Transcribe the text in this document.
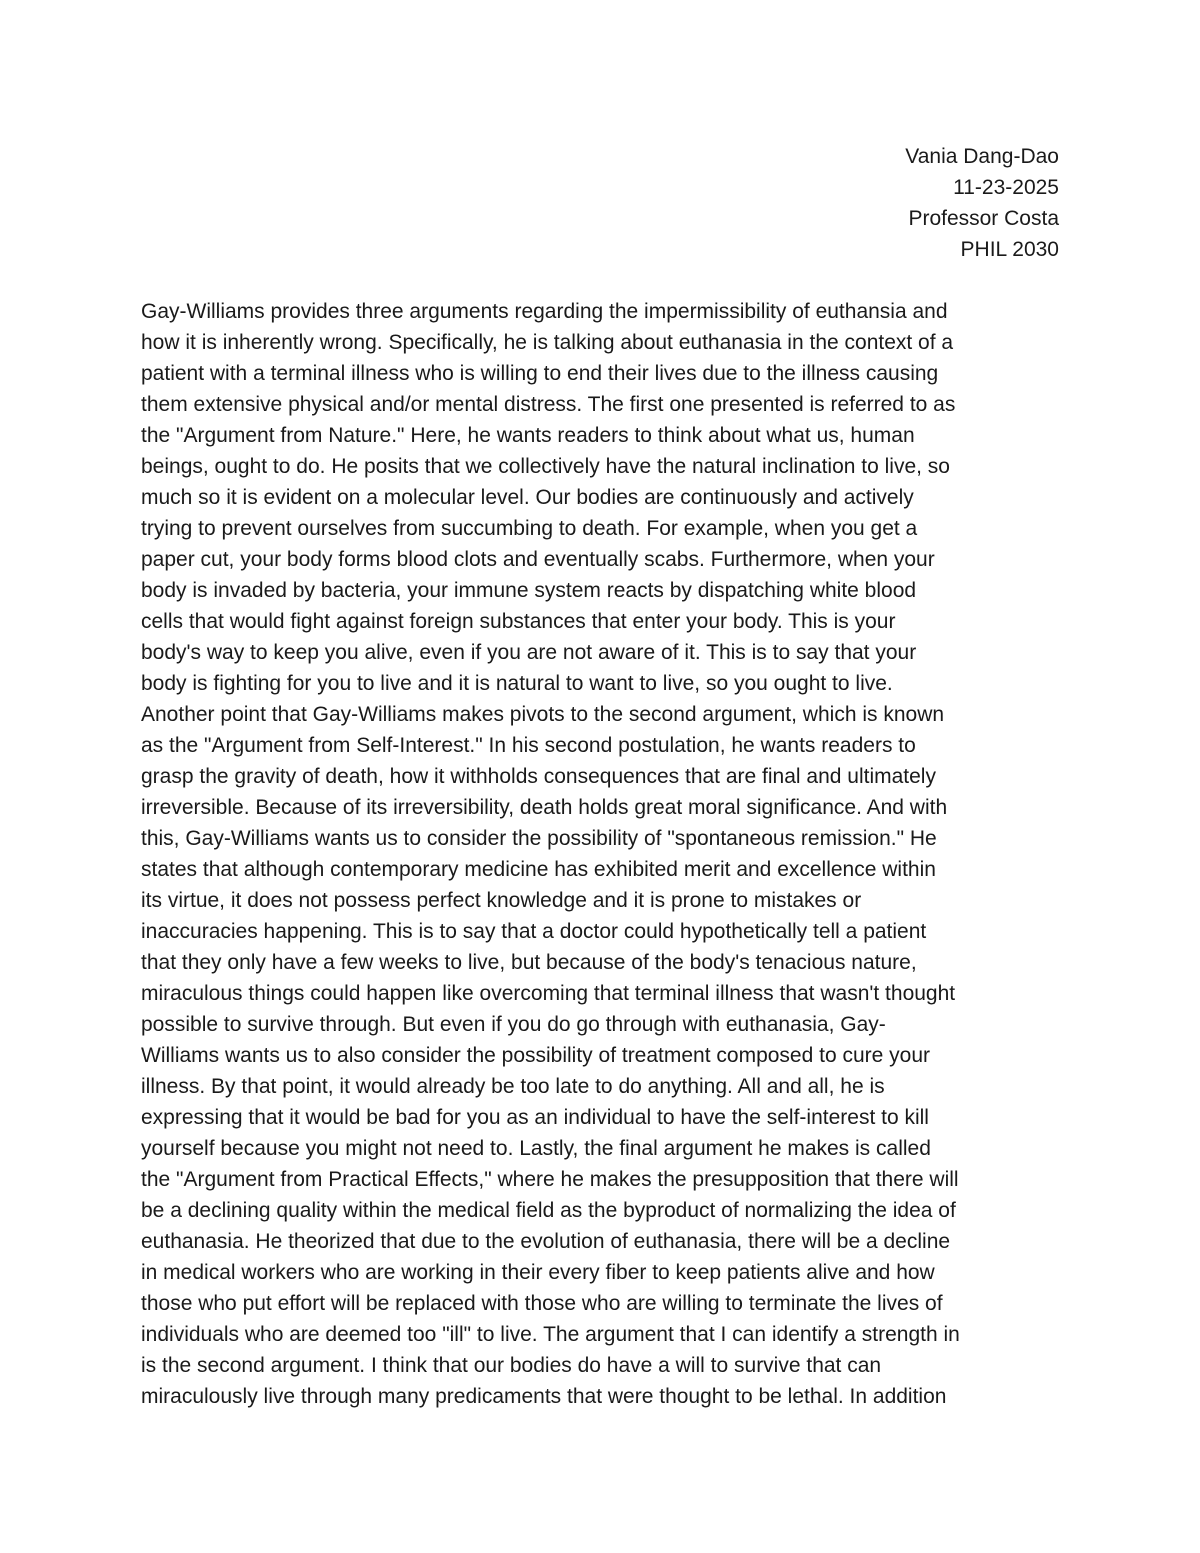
Vania Dang-Dao
11-23-2025
Professor Costa
PHIL 2030
Gay-Williams provides three arguments regarding the impermissibility of euthansia and
how it is inherently wrong. Specifically, he is talking about euthanasia in the context of a
patient with a terminal illness who is willing to end their lives due to the illness causing
them extensive physical and/or mental distress. The first one presented is referred to as
the "Argument from Nature." Here, he wants readers to think about what us, human
beings, ought to do. He posits that we collectively have the natural inclination to live, so
much so it is evident on a molecular level. Our bodies are continuously and actively
trying to prevent ourselves from succumbing to death. For example, when you get a
paper cut, your body forms blood clots and eventually scabs. Furthermore, when your
body is invaded by bacteria, your immune system reacts by dispatching white blood
cells that would fight against foreign substances that enter your body. This is your
body's way to keep you alive, even if you are not aware of it. This is to say that your
body is fighting for you to live and it is natural to want to live, so you ought to live.
Another point that Gay-Williams makes pivots to the second argument, which is known
as the "Argument from Self-Interest." In his second postulation, he wants readers to
grasp the gravity of death, how it withholds consequences that are final and ultimately
irreversible. Because of its irreversibility, death holds great moral significance. And with
this, Gay-Williams wants us to consider the possibility of "spontaneous remission." He
states that although contemporary medicine has exhibited merit and excellence within
its virtue, it does not possess perfect knowledge and it is prone to mistakes or
inaccuracies happening. This is to say that a doctor could hypothetically tell a patient
that they only have a few weeks to live, but because of the body's tenacious nature,
miraculous things could happen like overcoming that terminal illness that wasn't thought
possible to survive through. But even if you do go through with euthanasia, Gay-
Williams wants us to also consider the possibility of treatment composed to cure your
illness. By that point, it would already be too late to do anything. All and all, he is
expressing that it would be bad for you as an individual to have the self-interest to kill
yourself because you might not need to. Lastly, the final argument he makes is called
the "Argument from Practical Effects," where he makes the presupposition that there will
be a declining quality within the medical field as the byproduct of normalizing the idea of
euthanasia. He theorized that due to the evolution of euthanasia, there will be a decline
in medical workers who are working in their every fiber to keep patients alive and how
those who put effort will be replaced with those who are willing to terminate the lives of
individuals who are deemed too "ill" to live. The argument that I can identify a strength in
is the second argument. I think that our bodies do have a will to survive that can
miraculously live through many predicaments that were thought to be lethal. In addition
